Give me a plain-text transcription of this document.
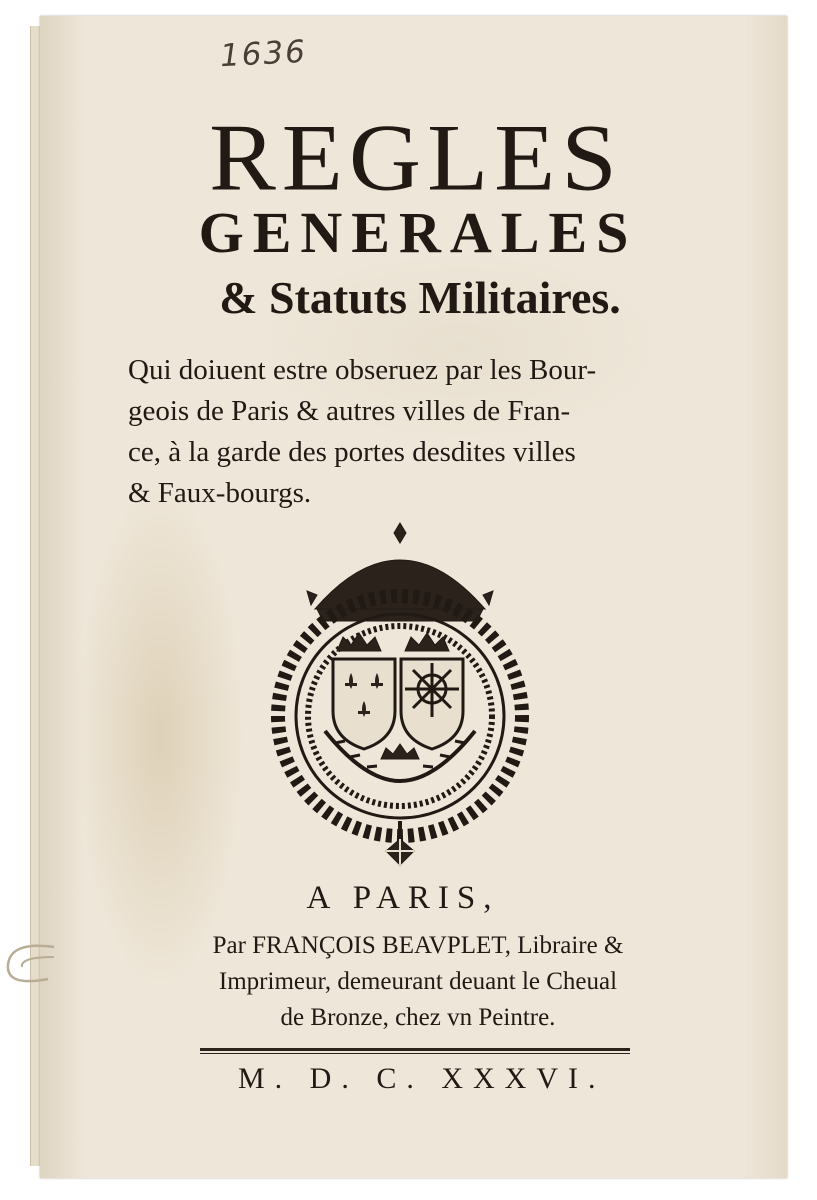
1636

REGLES
GENERALES
& Statuts Militaires.
Qui doiuent estre obseruez par les Bour-
geois de Paris & autres villes de Fran-
ce, à la garde des portes desdites villes
& Faux-bourgs.

A PARIS,

Par FRANÇOIS BEAVPLET, Libraire &
Imprimeur, demeurant deuant le Cheual
de Bronze, chez vn Peintre.

M. D. C. XXXVI.
